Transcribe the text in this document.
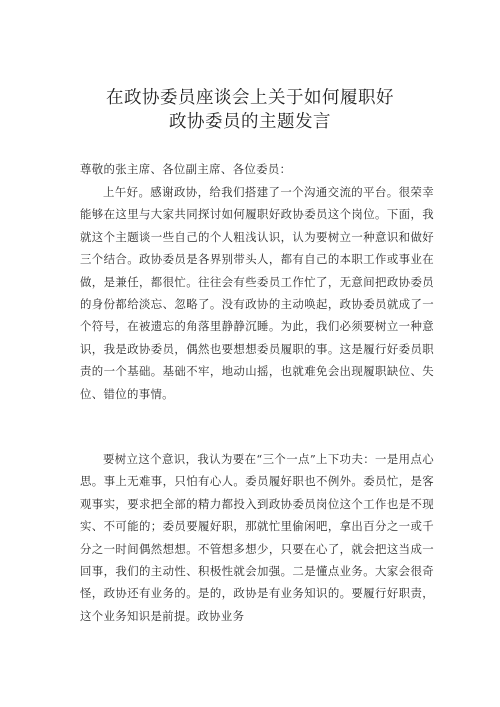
在政协委员座谈会上关于如何履职好
政协委员的主题发言
尊敬的张主席、各位副主席、各位委员：
上午好。感谢政协，给我们搭建了一个沟通交流的平台。很荣幸能够在这里与大家共同探讨如何履职好政协委员这个岗位。下面，我就这个主题谈一些自己的个人粗浅认识，认为要树立一种意识和做好三个结合。政协委员是各界别带头人，都有自己的本职工作或事业在做，是兼任，都很忙。往往会有些委员工作忙了，无意间把政协委员的身份都给淡忘、忽略了。没有政协的主动唤起，政协委员就成了一个符号，在被遗忘的角落里静静沉睡。为此，我们必须要树立一种意识，我是政协委员，偶然也要想想委员履职的事。这是履行好委员职责的一个基础。基础不牢，地动山摇，也就难免会出现履职缺位、失位、错位的事情。
要树立这个意识，我认为要在“三个一点”上下功夫：一是用点心思。事上无难事，只怕有心人。委员履好职也不例外。委员忙，是客观事实，要求把全部的精力都投入到政协委员岗位这个工作也是不现实、不可能的；委员要履好职，那就忙里偷闲吧，拿出百分之一或千分之一时间偶然想想。不管想多想少，只要在心了，就会把这当成一回事，我们的主动性、积极性就会加强。二是懂点业务。大家会很奇怪，政协还有业务的。是的，政协是有业务知识的。要履行好职责，这个业务知识是前提。政协业务
